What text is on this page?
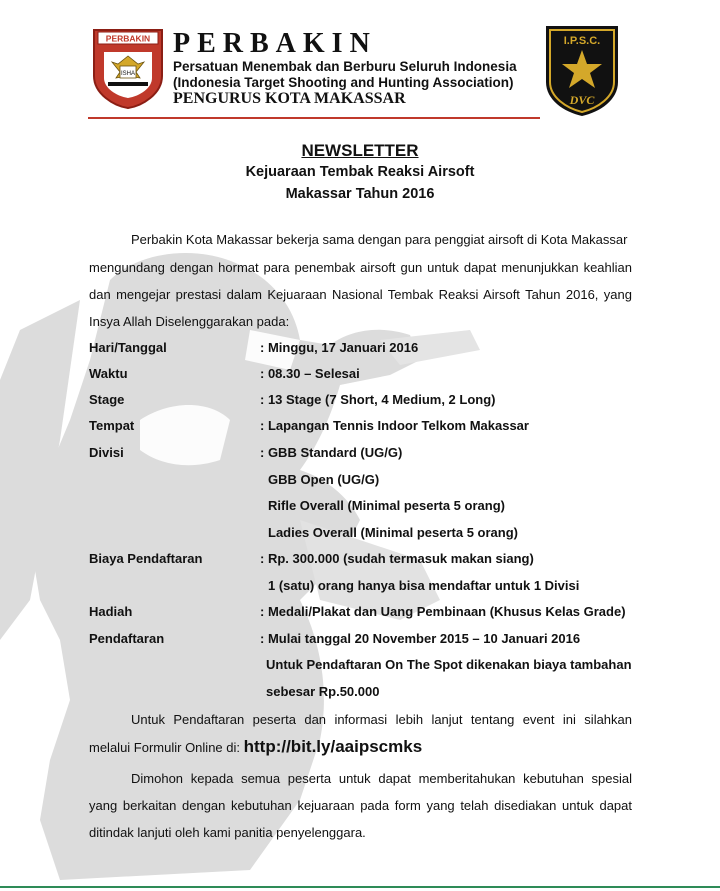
PERBAKIN
ISHA
PERBAKIN

Persatuan Menembak dan Berburu Seluruh Indonesia

(Indonesia Target Shooting and Hunting Association)

PENGURUS KOTA MAKASSAR

I.P.S.C.
DVC
NEWSLETTER

Kejuaraan Tembak Reaksi Airsoft

Makassar Tahun 2016

Perbakin Kota Makassar bekerja sama dengan para penggiat airsoft di Kota Makassar

mengundang dengan hormat para penembak airsoft gun untuk dapat menunjukkan keahlian

dan mengejar prestasi dalam Kejuaraan Nasional Tembak Reaksi Airsoft Tahun 2016, yang

Insya Allah Diselenggarakan pada:

Hari/Tanggal	: Minggu, 17 Januari 2016

Waktu	: 08.30 – Selesai

Stage	: 13 Stage (7 Short, 4 Medium, 2 Long)

Tempat	: Lapangan Tennis Indoor Telkom Makassar

Divisi	: GBB Standard (UG/G)

GBB Open (UG/G)

Rifle Overall (Minimal peserta 5 orang)

Ladies Overall (Minimal peserta 5 orang)

Biaya Pendaftaran	: Rp. 300.000 (sudah termasuk makan siang)

1 (satu) orang hanya bisa mendaftar untuk 1 Divisi

Hadiah	: Medali/Plakat dan Uang Pembinaan (Khusus Kelas Grade)

Pendaftaran	: Mulai tanggal 20 November 2015 – 10 Januari 2016

Untuk Pendaftaran On The Spot dikenakan biaya tambahan

sebesar Rp.50.000

Untuk Pendaftaran peserta dan informasi lebih lanjut tentang event ini silahkan

melalui Formulir Online di: http://bit.ly/aaipscmks

Dimohon kepada semua peserta untuk dapat memberitahukan kebutuhan spesial

yang berkaitan dengan kebutuhan kejuaraan pada form yang telah disediakan untuk dapat

ditindak lanjuti oleh kami panitia penyelenggara.
